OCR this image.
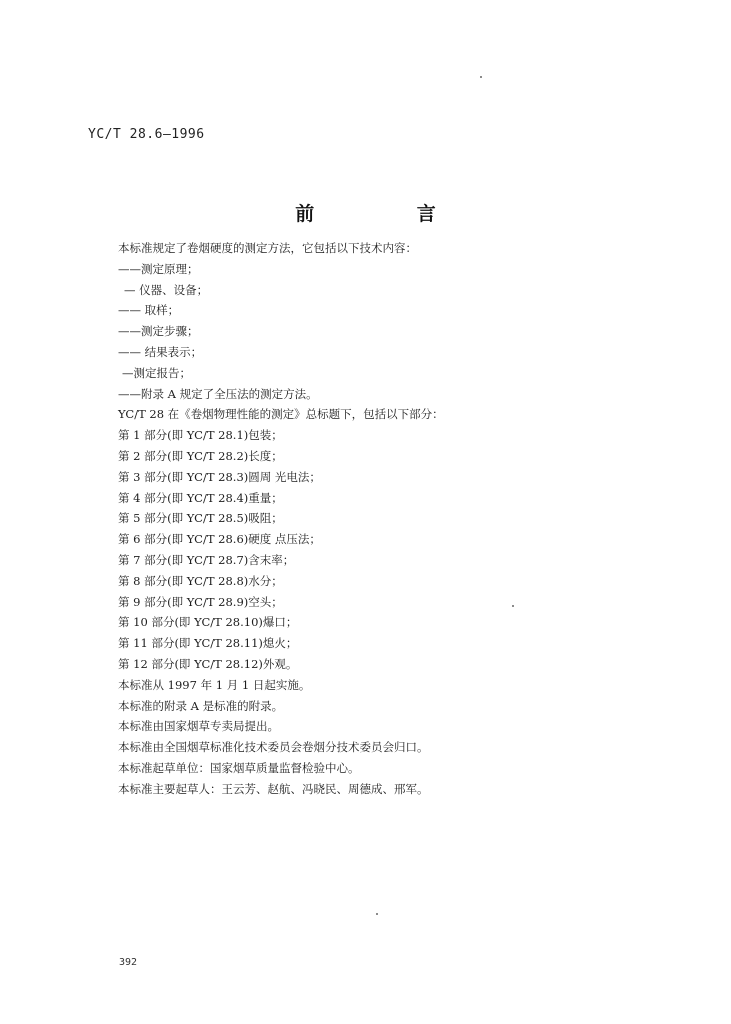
YC/T 28.6—1996
前 言
本标准规定了卷烟硬度的测定方法，它包括以下技术内容：
——测定原理；
— 仪器、设备；
—— 取样；
——测定步骤；
—— 结果表示；
—测定报告；
——附录 A 规定了全压法的测定方法。
YC/T 28 在《卷烟物理性能的测定》总标题下，包括以下部分：
第 1 部分(即 YC/T 28.1)包装；
第 2 部分(即 YC/T 28.2)长度；
第 3 部分(即 YC/T 28.3)圆周 光电法；
第 4 部分(即 YC/T 28.4)重量；
第 5 部分(即 YC/T 28.5)吸阻；
第 6 部分(即 YC/T 28.6)硬度 点压法；
第 7 部分(即 YC/T 28.7)含末率；
第 8 部分(即 YC/T 28.8)水分；
第 9 部分(即 YC/T 28.9)空头；
第 10 部分(即 YC/T 28.10)爆口；
第 11 部分(即 YC/T 28.11)熄火；
第 12 部分(即 YC/T 28.12)外观。
本标准从 1997 年 1 月 1 日起实施。
本标准的附录 A 是标准的附录。
本标准由国家烟草专卖局提出。
本标准由全国烟草标准化技术委员会卷烟分技术委员会归口。
本标准起草单位：国家烟草质量监督检验中心。
本标准主要起草人：王云芳、赵航、冯晓民、周德成、邢军。
392
